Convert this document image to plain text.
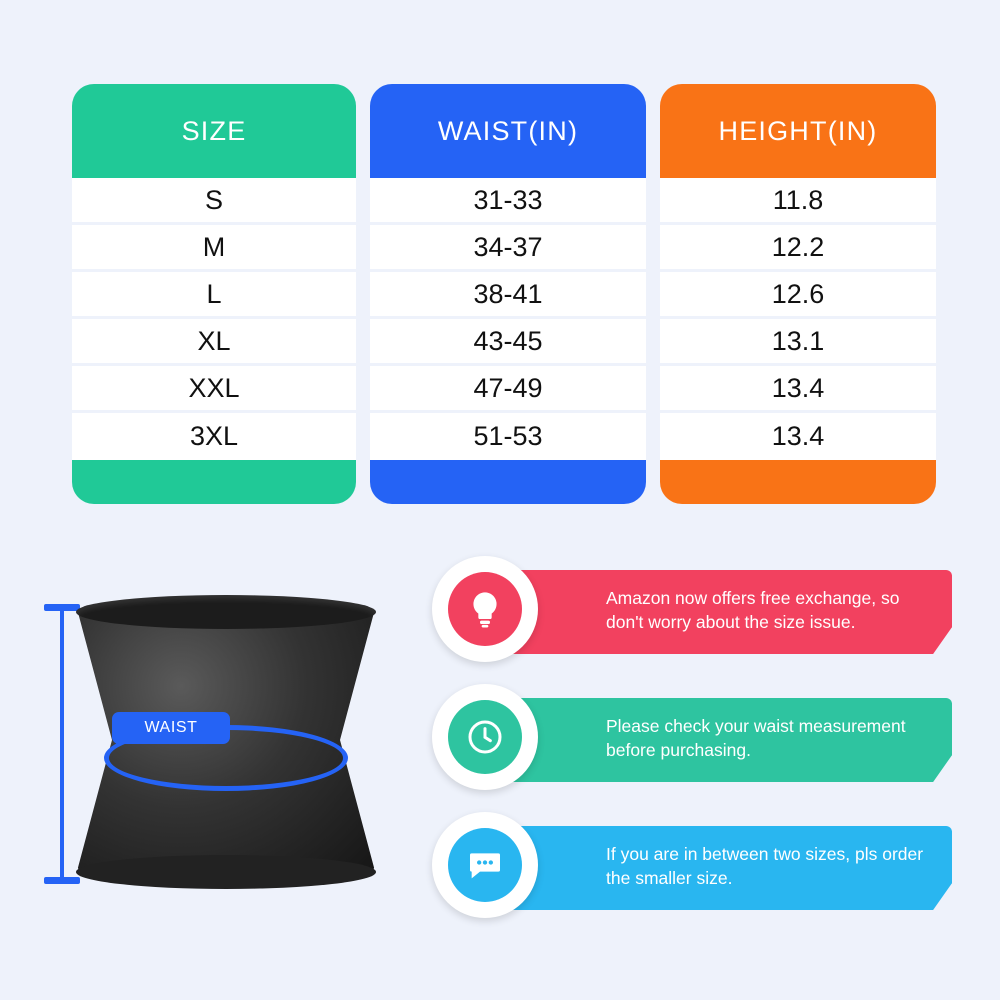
SIZE
S
M
L
XL
XXL
3XL
WAIST(IN)
31-33
34-37
38-41
43-45
47-49
51-53
HEIGHT(IN)
11.8
12.2
12.6
13.1
13.4
13.4
WAIST
Amazon now offers free exchange, so don't worry about the size issue.
Please check your waist measurement before purchasing.
If you are in between two sizes, pls order the smaller size.
